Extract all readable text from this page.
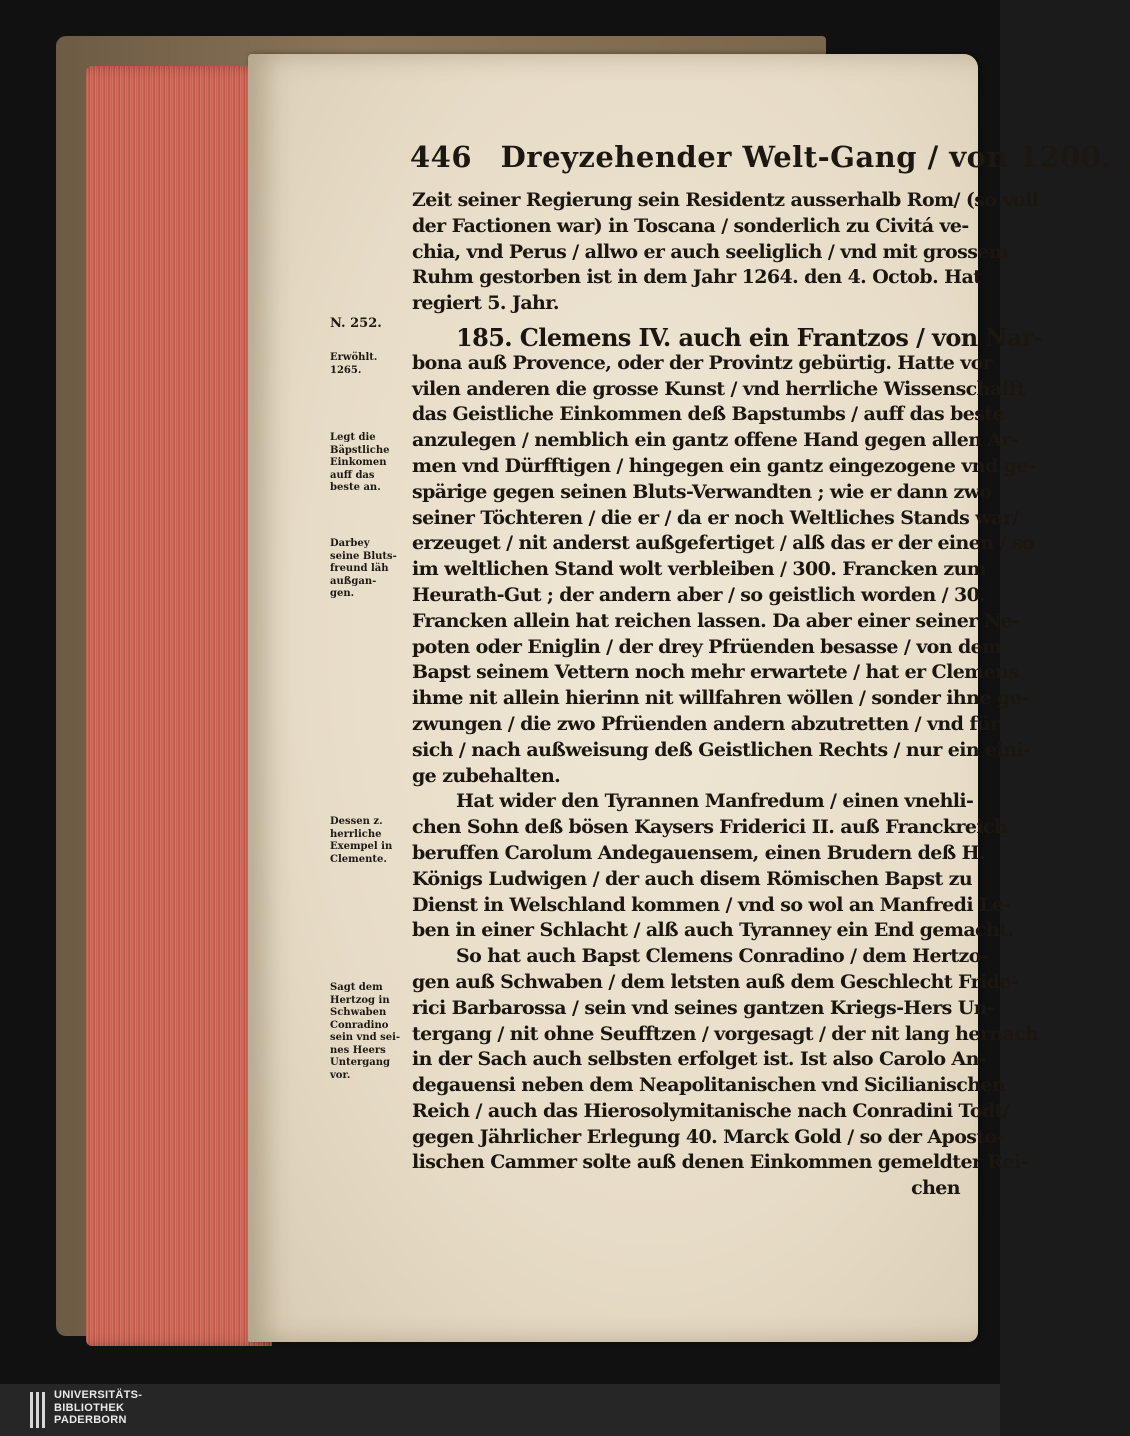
446 Dreyzehender Welt-Gang / von 1200.
N. 252.
Erwöhlt.
1265.
Legt die
Bäpstliche
Einkomen
auff das
beste an.
Darbey
seine Bluts-
freund läh
außgan-
gen.
Dessen z.
herrliche
Exempel in
Clemente.
Sagt dem
Hertzog in
Schwaben
Conradino
sein vnd sei-
nes Heers
Untergang
vor.
Zeit seiner Regierung sein Residentz ausserhalb Rom/ (so voll
der Factionen war) in Toscana / sonderlich zu Civitá ve-
chia, vnd Perus / allwo er auch seeliglich / vnd mit grossem
Ruhm gestorben ist in dem Jahr 1264. den 4. Octob. Hat
regiert 5. Jahr.
185. Clemens IV. auch ein Frantzos / von Nar-
bona auß Provence, oder der Provintz gebürtig. Hatte vor
vilen anderen die grosse Kunst / vnd herrliche Wissenschafft
das Geistliche Einkommen deß Bapstumbs / auff das beste
anzulegen / nemblich ein gantz offene Hand gegen allen Ar-
men vnd Dürfftigen / hingegen ein gantz eingezogene vnd ge-
spärige gegen seinen Bluts-Verwandten ; wie er dann zwo
seiner Töchteren / die er / da er noch Weltliches Stands war/
erzeuget / nit anderst außgefertiget / alß das er der einen / so
im weltlichen Stand wolt verbleiben / 300. Francken zum
Heurath-Gut ; der andern aber / so geistlich worden / 30.
Francken allein hat reichen lassen. Da aber einer seiner Ne-
poten oder Eniglin / der drey Pfrüenden besasse / von dem
Bapst seinem Vettern noch mehr erwartete / hat er Clemens
ihme nit allein hierinn nit willfahren wöllen / sonder ihne ge-
zwungen / die zwo Pfrüenden andern abzutretten / vnd für
sich / nach außweisung deß Geistlichen Rechts / nur ein eini-
ge zubehalten.
Hat wider den Tyrannen Manfredum / einen vnehli-
chen Sohn deß bösen Kaysers Friderici II. auß Franckreich
beruffen Carolum Andegauensem, einen Brudern deß H.
Königs Ludwigen / der auch disem Römischen Bapst zu
Dienst in Welschland kommen / vnd so wol an Manfredi Le-
ben in einer Schlacht / alß auch Tyranney ein End gemacht.
So hat auch Bapst Clemens Conradino / dem Hertzo-
gen auß Schwaben / dem letsten auß dem Geschlecht Fride-
rici Barbarossa / sein vnd seines gantzen Kriegs-Hers Un-
tergang / nit ohne Seufftzen / vorgesagt / der nit lang hernach
in der Sach auch selbsten erfolget ist. Ist also Carolo An-
degauensi neben dem Neapolitanischen vnd Sicilianischen
Reich / auch das Hierosolymitanische nach Conradini Todt/
gegen Jährlicher Erlegung 40. Marck Gold / so der Aposto-
lischen Cammer solte auß denen Einkommen gemeldter Rei-
chen
UNIVERSITÄTS-
BIBLIOTHEK
PADERBORN
